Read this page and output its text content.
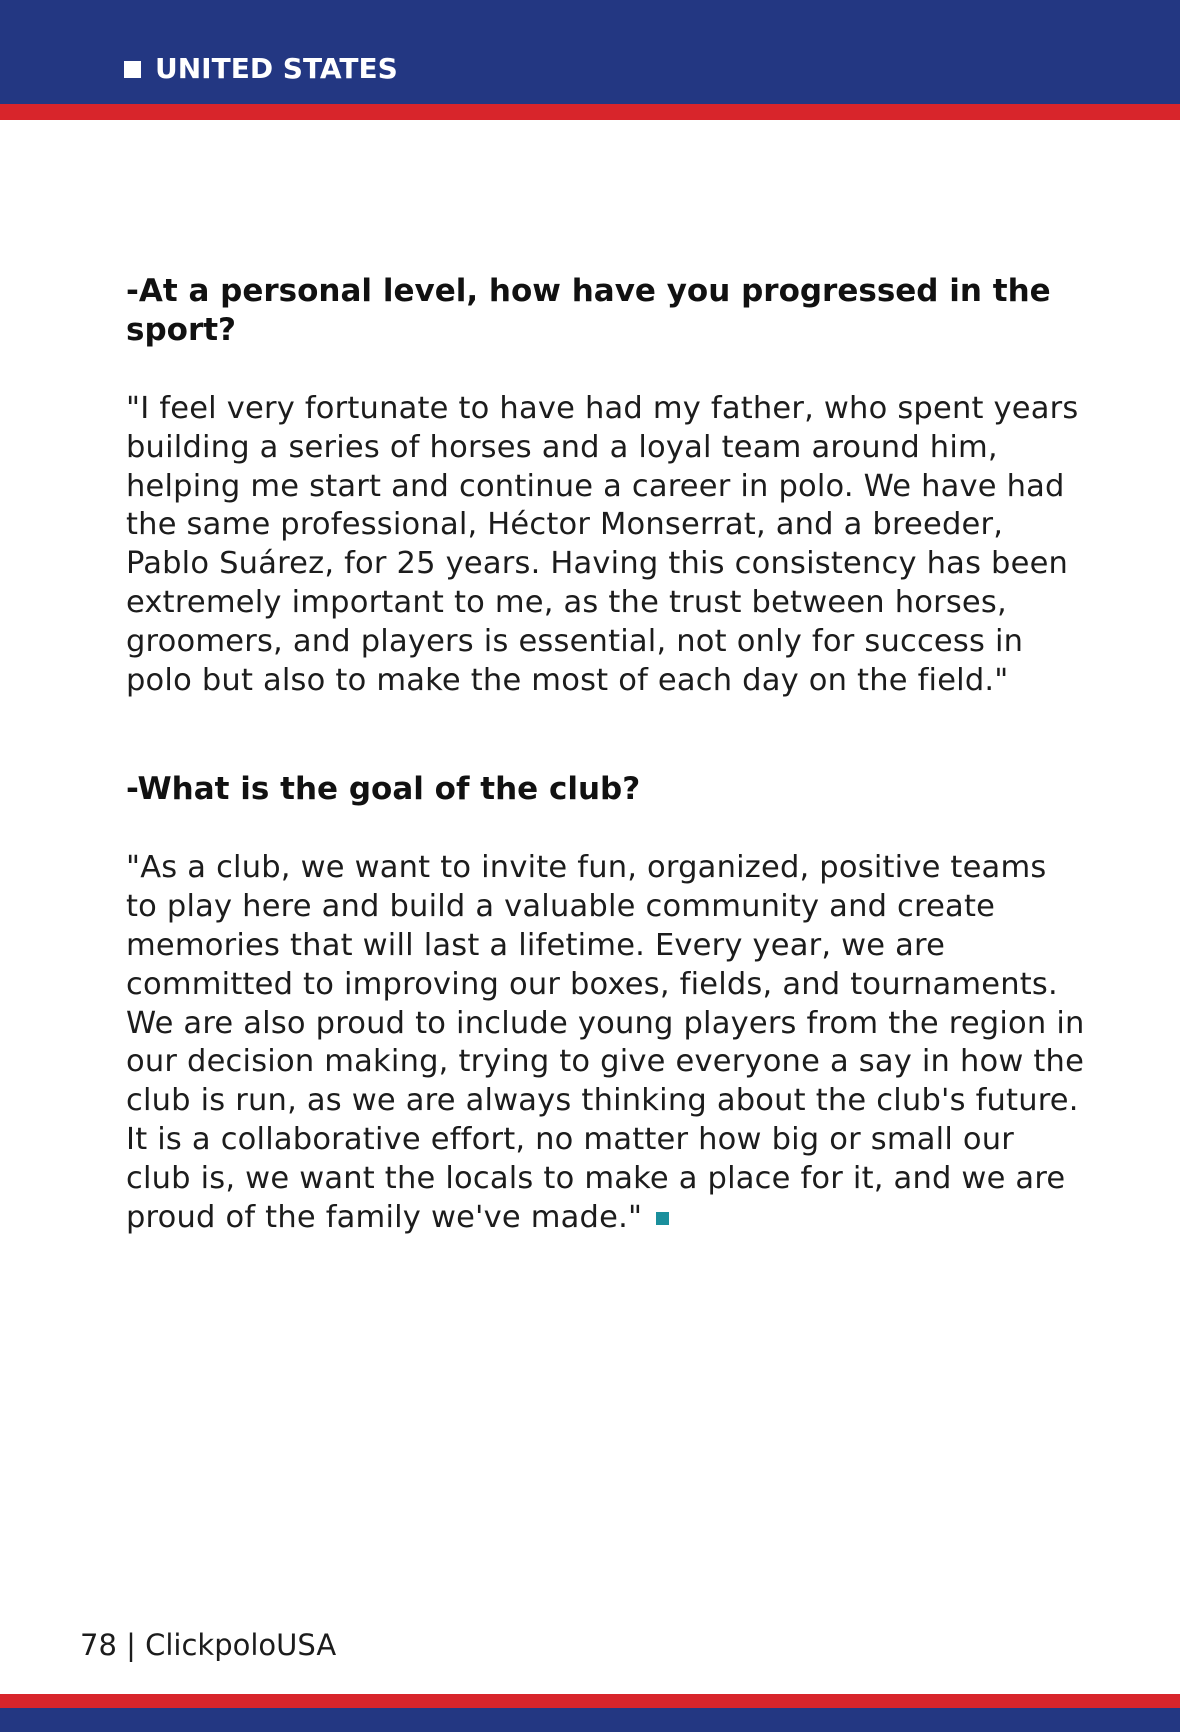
UNITED STATES

-At a personal level, how have you progressed in the sport?

"I feel very fortunate to have had my father, who spent years building a series of horses and a loyal team around him, helping me start and continue a career in polo. We have had the same professional, Héctor Monserrat, and a breeder, Pablo Suárez, for 25 years. Having this consistency has been extremely important to me, as the trust between horses, groomers, and players is essential, not only for success in polo but also to make the most of each day on the field."

-What is the goal of the club?

"As a club, we want to invite fun, organized, positive teams to play here and build a valuable community and create memories that will last a lifetime. Every year, we are committed to improving our boxes, fields, and tournaments. We are also proud to include young players from the region in our decision making, trying to give everyone a say in how the club is run, as we are always thinking about the club's future. It is a collaborative effort, no matter how big or small our club is, we want the locals to make a place for it, and we are proud of the family we've made."

78 | ClickpoloUSA
